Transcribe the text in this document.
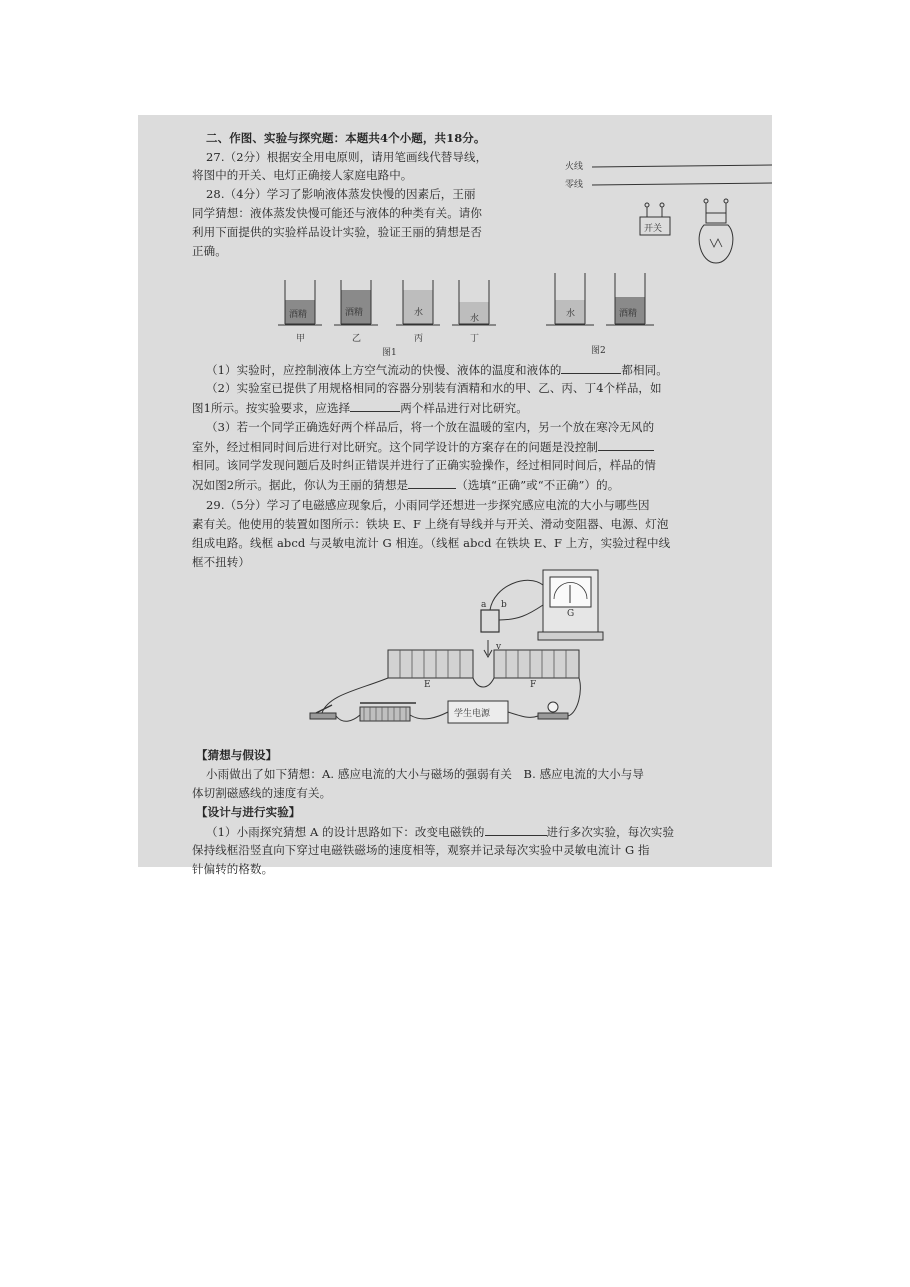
二、作图、实验与探究题：本题共4个小题，共18分。
27.（2分）根据安全用电原则，请用笔画线代替导线，
将图中的开关、电灯正确接人家庭电路中。
火线
零线
开关
28.（4分）学习了影响液体蒸发快慢的因素后，王丽
同学猜想：液体蒸发快慢可能还与液体的种类有关。请你
利用下面提供的实验样品设计实验，验证王丽的猜想是否
正确。
酒精	酒精	水
水	水	酒精
甲	乙	丙	丁
图1	图2
（1）实验时，应控制液体上方空气流动的快慢、液体的温度和液体的	都相同。
（2）实验室已提供了用规格相同的容器分别装有酒精和水的甲、乙、丙、丁4个样品，如
图1所示。按实验要求，应选择	两个样品进行对比研究。
（3）若一个同学正确选好两个样品后，将一个放在温暖的室内，另一个放在寒冷无风的
室外，经过相同时间后进行对比研究。这个同学设计的方案存在的问题是没控制
相同。该同学发现问题后及时纠正错误并进行了正确实验操作，经过相同时间后，样品的情
况如图2所示。据此，你认为王丽的猜想是	（选填“正确”或“不正确”）的。
29.（5分）学习了电磁感应现象后，小雨同学还想进一步探究感应电流的大小与哪些因
素有关。他使用的装置如图所示：铁块 E、F 上绕有导线并与开关、滑动变阻器、电源、灯泡
组成电路。线框 abcd 与灵敏电流计 G 相连。（线框 abcd 在铁块 E、F 上方，实验过程中线
框不扭转）
a b
v
G
E	F
学生电源
【猜想与假设】
小雨做出了如下猜想：A. 感应电流的大小与磁场的强弱有关　B. 感应电流的大小与导
体切割磁感线的速度有关。
【设计与进行实验】
（1）小雨探究猜想 A 的设计思路如下：改变电磁铁的	进行多次实验，每次实验
保持线框沿竖直向下穿过电磁铁磁场的速度相等，观察并记录每次实验中灵敏电流计 G 指
针偏转的格数。
